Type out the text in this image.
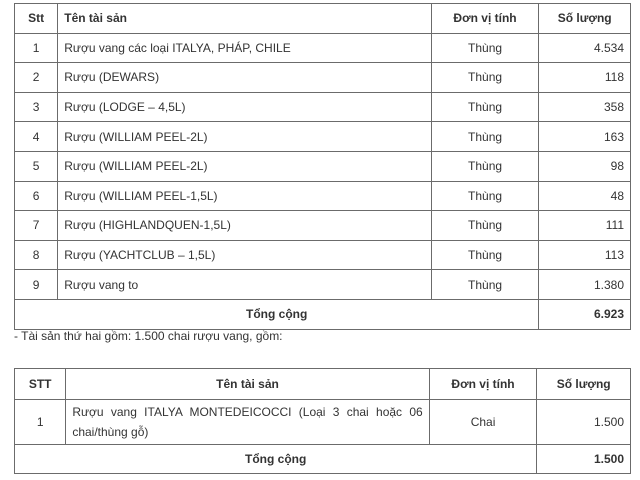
Stt	Tên tài sản	Đơn vị tính	Số lượng
1	Rượu vang các loại ITALYA, PHÁP, CHILE	Thùng	4.534
2	Rượu (DEWARS)	Thùng	118
3	Rượu (LODGE – 4,5L)	Thùng	358
4	Rượu (WILLIAM PEEL-2L)	Thùng	163
5	Rượu (WILLIAM PEEL-2L)	Thùng	98
6	Rượu (WILLIAM PEEL-1,5L)	Thùng	48
7	Rượu (HIGHLANDQUEN-1,5L)	Thùng	111
8	Rượu (YACHTCLUB – 1,5L)	Thùng	113
9	Rượu vang to	Thùng	1.380
Tổng cộng			6.923
- Tài sản thứ hai gồm: 1.500 chai rượu vang, gồm:
STT	Tên tài sản	Đơn vị tính	Số lượng
1	Rượu vang ITALYA MONTEDEICOCCI (Loại 3 chai hoặc 06 chai/thùng gỗ)	Chai	1.500
Tổng cộng			1.500
